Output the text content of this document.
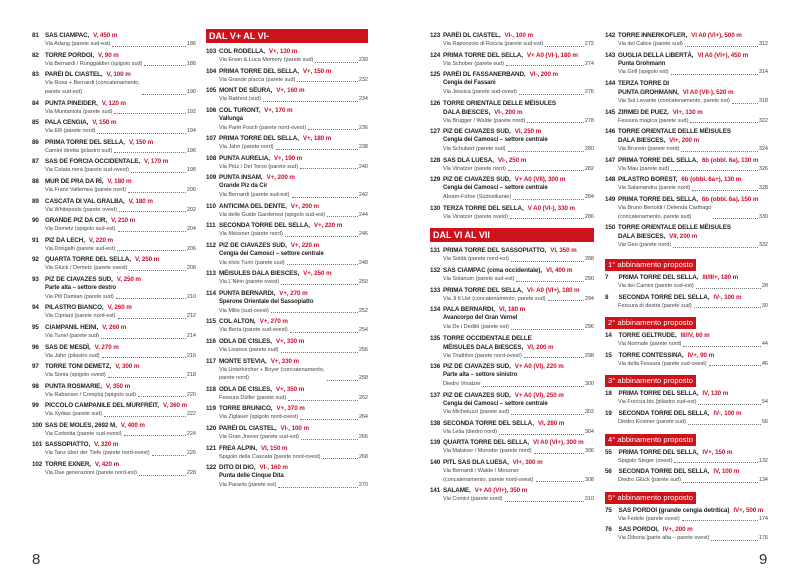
81 SAS CIAMPAC, V, 450 m
Via Adang (parete sud-est)	186
82 TORRE PORDOI, V, 90 m
Via Bernardi / Runggaldier (spigolo sud)	188
83 PARËI DL CIASTEL, V, 100 m
Via Rosa + Bernardi (concatenamento,
parete sud-est)	190
84 PUNTA PINEIDER, V, 120 m
Via Muntaniola (parete sud)	192
85 PALA CENGIA, V, 150 m
Via Elfi (parete nord)	194
86 PRIMA TORRE DEL SELLA, V, 150 m
Camini diretta (pilastro sud)	196
87 SAS DE FORCIA OCCIDENTALE, V, 170 m
Via Colata nera (parete sud-ovest)	198
88 MUR DE PRA DA RÌ, V, 180 m
Via Franz Valtemea (parete nord)	200
89 CASCATA DI VAL GRALBA, V, 180 m
Via Whitepools (parete ovest)	202
90 GRANDE PIZ DA CIR, V, 210 m
Via Demetz (spigolo sud-est)	204
91 PIZ DA LECH, V, 220 m
Via Dorigatti (parete sud-est)	206
92 QUARTA TORRE DEL SELLA, V, 250 m
Via Glück / Demetz (parete ovest)	208
93 PIZ DE CIAVAZES SUD, V, 250 m
Parte alta – settore destro
Via Pitl Damian (parete sud)	210
94 PILASTRO BIANCO, V, 260 m
Via Cipriani (parete nord-est)	212
95 CIAMPANIL HEINI, V, 260 m
Via Tunel (parete sud)	214
96 SAS DE MESDÌ, V, 270 m
Via Jahn (pilastro sud)	216
97 TORRE TONI DEMETZ, V, 300 m
Via Sonia (spigolo ovest)	218
98 PUNTA ROSMARIE, V, 350 m
Via Rabanser / Comploj (spigolo sud)	220
99 PICCOLO CAMPANILE DEL MURFRËIT, V, 360 m
Via Xydias (parete sud)	222
100 SAS DE MOLES, 2692 M, V, 400 m
Via Corbetta (parete sud-ovest)	224
101 SASSOPIATTO, V, 320 m
Via Tanz über der Tiefe (parete nord-ovest)	226
102 TORRE EXNER, V, 420 m
Via Due generazioni (parete nord-est)	228
DAL V+ AL VI-
103 COL RODELLA, V+, 130 m
Via Erwin & Luca Memory (parete sud)	230
104 PRIMA TORRE DEL SELLA, V+, 150 m
Via Grande placca (parete sud)	232
105 MONT DE SËURA, V+, 160 m
Via Rakhiot (sud)	234
106 COL TURONT, V+, 170 m
Vallunga
Via Parëi Fosch (parete nord-ovest)	236
107 PRIMA TORRE DEL SELLA, V+, 180 m
Via Jahn (parete nord)	238
108 PUNTA AURELIA, V+, 190 m
Via Piûz / Del Torso (parete sud)	240
109 PUNTA INSAM, V+, 200 m
Grande Piz da Cir
Via Bernardi (parete sud-est)	242
110 ANTICIMA DEL DENTE, V+, 200 m
Via delle Guide Gardenesi (spigolo sud-est)	244
111 SECONDA TORRE DEL SELLA, V+, 220 m
Via Messner (parete nord)	246
112 PIZ DE CIAVAZES SUD, V+, 220 m
Cengia dei Camosci – settore centrale
Via elvio Turin (parete sud)	248
113 MËISULES DALA BIESCES, V+, 250 m
Via L'Nëin (parete ovest)	250
114 PUNTA BERNARDI, V+, 270 m
Sperone Orientale del Sassopiatto
Via Milio (sud-ovest)	252
115 COL ALTON, V+, 270 m
Via Berta (parete sud-ovest)	254
116 ODLA DE CISLES, V+, 330 m
Via Livanos (parete sud)	256
117 MONTE STEVIA, V+, 330 m
Via Unterkircher + Boyer (concatenamento,
parete nord)	258
118 ODLA DE CISLES, V+, 350 m
Fessura Dülfer (parete sud)	262
119 TORRE BRUNICO, V+, 370 m
Via Ziglauer (spigolo nord-ovest)	264
120 PARËI DL CIASTEL, VI-, 100 m
Via Gran Jnever (parete sud-est)	266
121 FREA ALPIN, VI, 150 m
Spigolo della Cascata (parete nord-ovest)	268
122 DITO DI DIO, VI-, 160 m
Punta delle Cinque Dita
Via Paravis (parete est)	270
123 PARËI DL CIASTEL, VI-, 100 m
Via Raponzolo di Roccia (parete sud-est)	272
124 PRIMA TORRE DEL SELLA, V+ A0 (VI-), 180 m
Via Schober (parete sud)	274
125 PARËI DL FASSANERBAND, VI-, 200 m
Cengia dei Fassani
Via Jessica (parete sud-ovest)	276
126 TORRE ORIENTALE DELLE MËISULES
DALA BIESCES, VI-, 200 m
Via Brugger / Walde (parete nord)	278
127 PIZ DE CIAVAZES SUD, VI, 250 m
Cengia dei Camosci – settore centrale
Via Schubert (parete sud)	280
128 SAS DLA LUESA, VI-, 250 m
Via Vinatzer (parete nord)	282
129 PIZ DE CIAVAZES SUD, V+ A0 (VII), 300 m
Cengia dei Camosci – settore centrale
Abram-Führe (Südostkante)	284
130 TERZA TORRE DEL SELLA, V A0 (VI-), 330 m
Via Vinatzer (parete ovest)	286
DAL VI AL VII
131 PRIMA TORRE DEL SASSOPIATTO, VI, 350 m
Via Soldà (parete nord-est)	288
132 SAS CIAMPAC (cima occidentale), VI, 400 m
Via Solarium (parete sud-est)	290
133 PRIMA TORRE DEL SELLA, VI- A0 (VI+), 180 m
Via Ji tl Uet (concatenamento, parete sud)	294
134 PALA BERNARDI, VI, 180 m
Avancorpo del Gran Vernel
Via De i Dedlëi (parete est)	296
135 TORRE OCCIDENTALE DELLE
MËISULES DALA BIESCES, VI, 200 m
Via Triathlon (parete nord-ovest)	298
136 PIZ DE CIAVAZES SUD, V+ A0 (VI), 220 m
Parte alta – settore sinistro
Diedro Vinatzer	300
137 PIZ DE CIAVAZES SUD, V+ A0 (VI), 250 m
Cengia dei Camosci – settore centrale
Via Micheluzzi (parete sud)	302
138 SECONDA TORRE DEL SELLA, VI, 280 m
Via Lelia (diedro nord)	304
139 QUARTA TORRE DEL SELLA, VI A0 (VI+), 300 m
Via Malsiner / Moroder (parete nord)	306
140 PITL SAS DLA LUESA, VI+, 300 m
Via Bernardi / Walde / Messner
(concatenamento, parete nord-ovest)	308
141 SALAME, V+ A0 (VI+), 350 m
Via Comici (parete nord)	310
142 TORRE INNERKOFLER, VI A0 (VI+), 500 m
Via del Calice (parete sud)	312
143 GUGLIA DELLA LIBERTÀ, VI A0 (VI+), 450 m
Punta Grohmann
Via Grill (spigolo est)	314
144 TERZA TORRE DI
PUNTA GROHMANN, VI A0 (VII-), 520 m
Via Sol Levante (concatenamento, parete est)	318
145 ZIRMEI DE PUEZ, VI+, 130 m
Fessura magica (parete sud)	322
146 TORRE ORIENTALE DELLE MËISULES
DALA BIESCES, VI+, 200 m
Via Brunsin (parete nord)	324
147 PRIMA TORRE DEL SELLA, 6b (obbl. 6a), 130 m
Via Mau (parete sud)	326
148 PILASTRO BOREST, 6b (obbl. 6a+), 130 m
Via Salamandra (parete nord)	328
149 PRIMA TORRE DEL SELLA, 6b (obbl. 6a), 150 m
Via Bruno Bertoldi / Delenda Carthago
(concatenamento, parete sud)	330
150 TORRE ORIENTALE DELLE MËISULES
DALA BIESCES, VII, 200 m
Via Geo (parete nord)	332
1° abbinamento proposto
7	PRIMA TORRE DEL SELLA, III/III+, 180 m
Via dei Camini (parete sud-est)	28
8	SECONDA TORRE DEL SELLA, IV-, 100 m
Fessura di destra (parete sud)	30
2° abbinamento proposto
14	TORRE GELTRUDE, III/IV, 60 m
Via Normale (parete nord)	44
15	TORRE CONTESSINA, IV+, 90 m
Via della Fessura (parete sud-ovest)	46
3° abbinamento proposto
18	PRIMA TORRE DEL SELLA, IV, 130 m
Via Freccia bis (pilastro sud-est)	54
19	SECONDA TORRE DEL SELLA, IV-, 100 m
Diedro Kostner (parete sud)	56
4° abbinamento proposto
55	PRIMA TORRE DEL SELLA, IV+, 150 m
Spigolo Steger (ovest)	132
56	SECONDA TORRE DEL SELLA, IV, 100 m
Diedro Glück (parete sud)	134
5° abbinamento proposto
75	SAS PORDOI (grande cengia detritica) IV+, 500 m
Via Fedele (parete ovest)	174
76	SAS PORDOI, IV+, 200 m
Via Dibona (parte alta – parete ovest)	176
8	9
